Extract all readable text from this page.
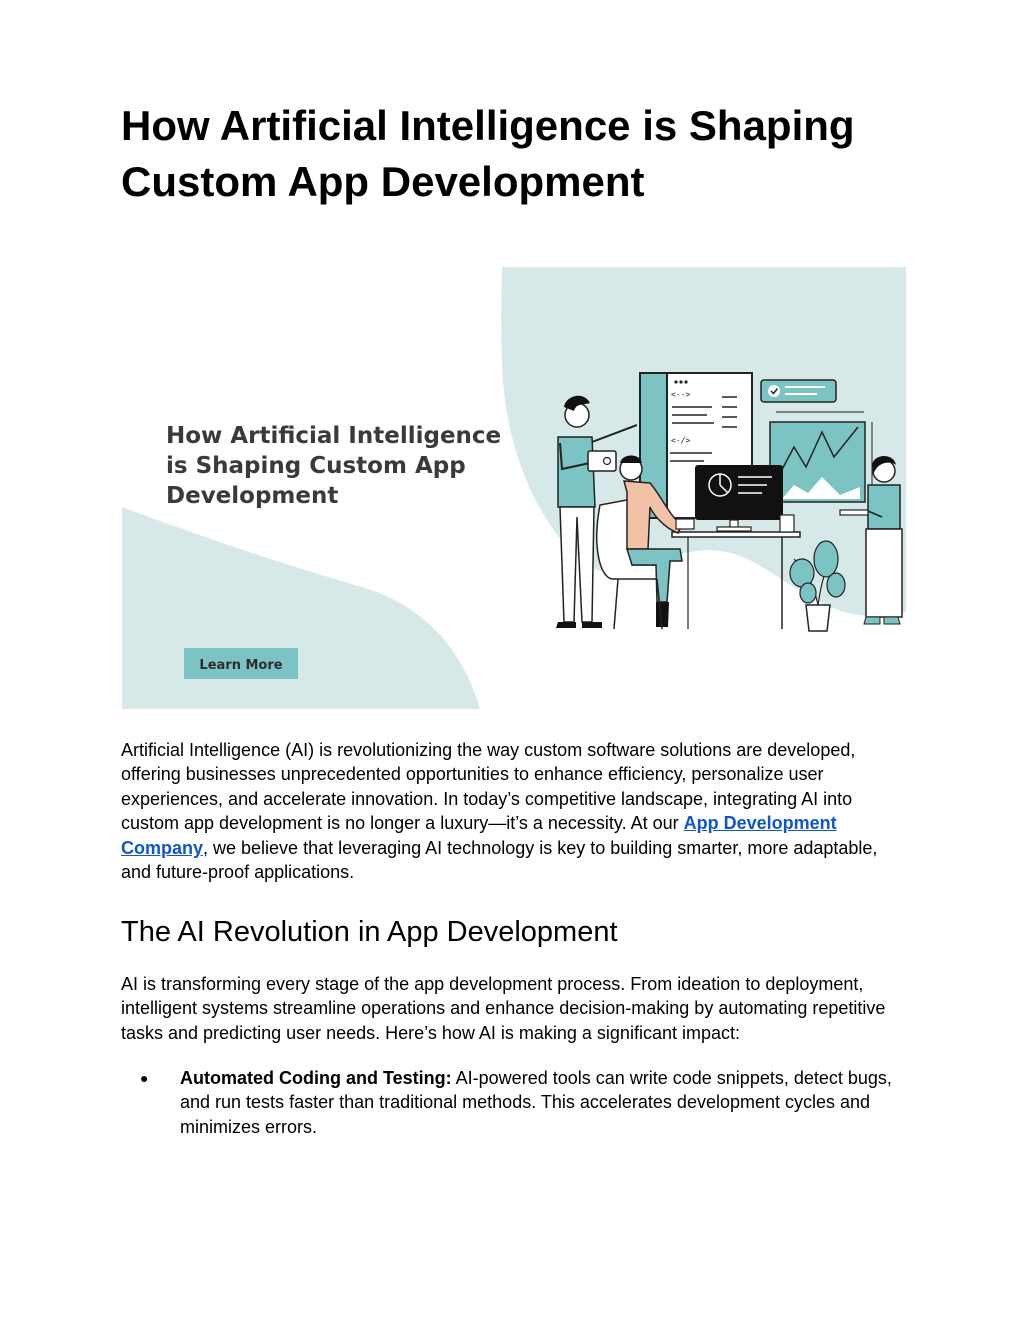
How Artificial Intelligence is Shaping Custom App Development
How Artificial Intelligence
is Shaping Custom App
Development
Learn More
<-->
<-/>

Artificial Intelligence (AI) is revolutionizing the way custom software solutions are developed, offering businesses unprecedented opportunities to enhance efficiency, personalize user experiences, and accelerate innovation. In today’s competitive landscape, integrating AI into custom app development is no longer a luxury—it’s a necessity. At our App Development Company, we believe that leveraging AI technology is key to building smarter, more adaptable, and future-proof applications.

The AI Revolution in App Development

AI is transforming every stage of the app development process. From ideation to deployment, intelligent systems streamline operations and enhance decision-making by automating repetitive tasks and predicting user needs. Here’s how AI is making a significant impact:

● Automated Coding and Testing: AI-powered tools can write code snippets, detect bugs, and run tests faster than traditional methods. This accelerates development cycles and minimizes errors.
